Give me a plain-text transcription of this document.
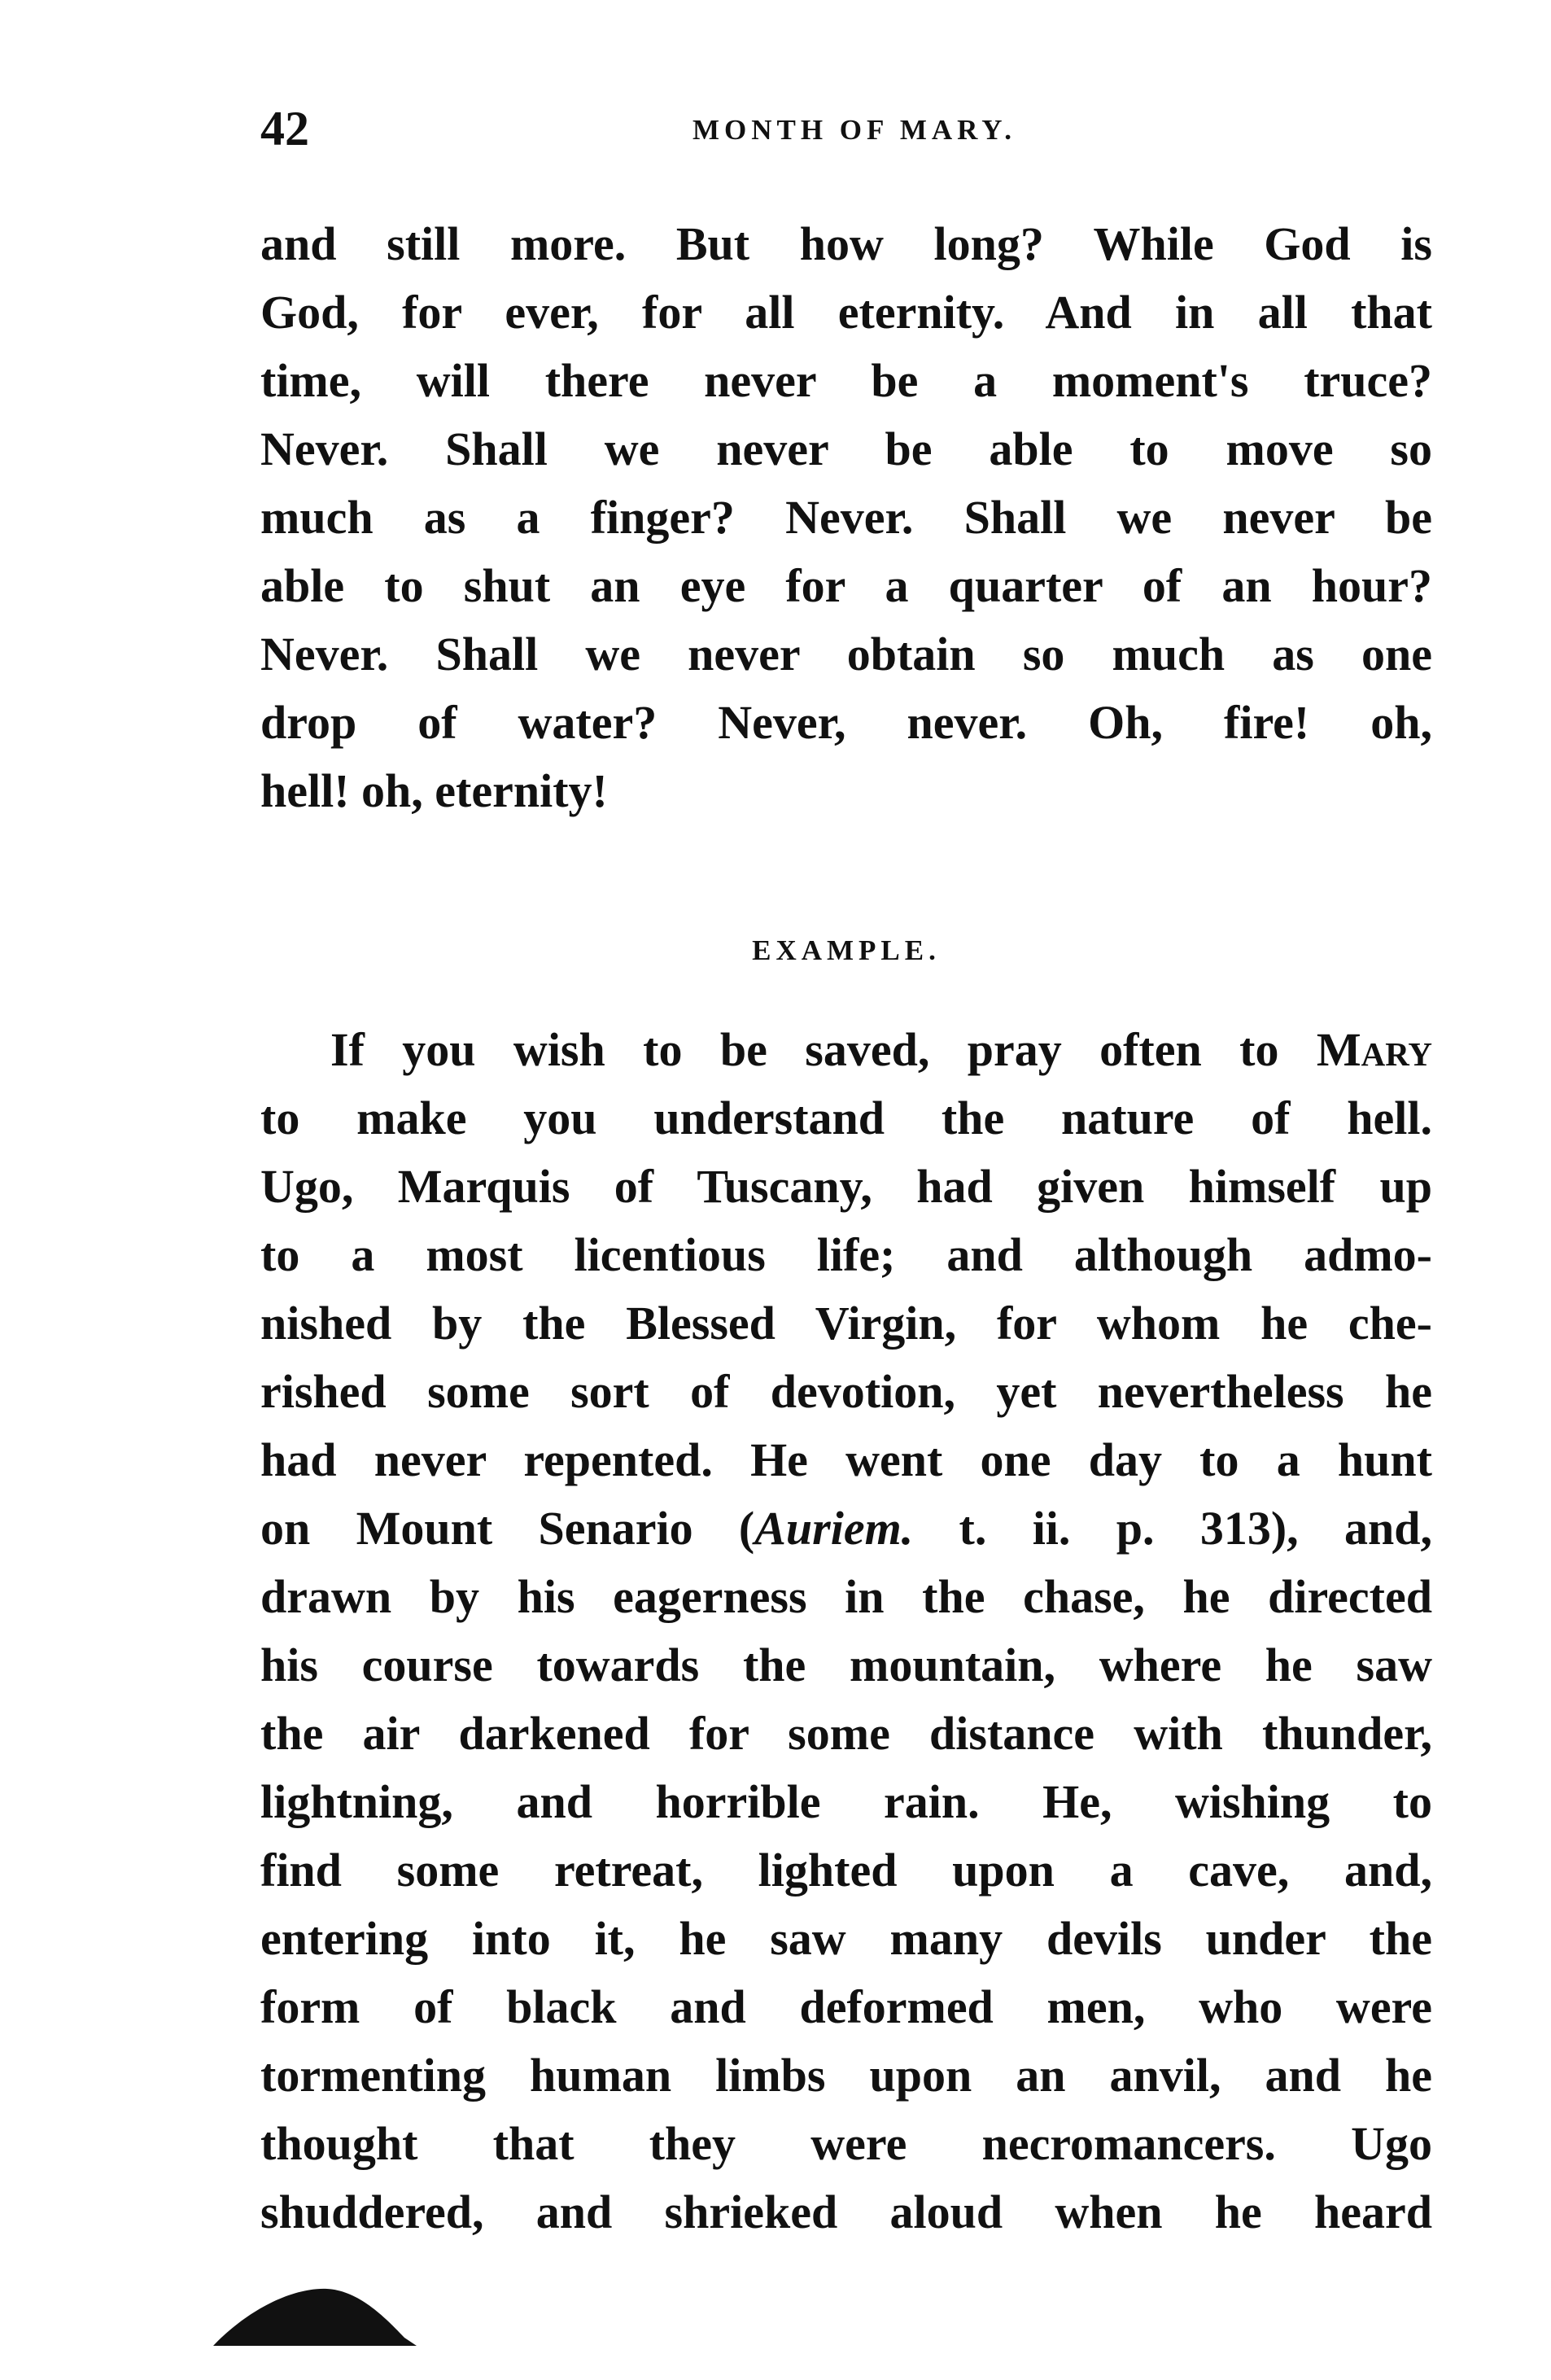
42	MONTH OF MARY.
and still more. But how long? While God is
God, for ever, for all eternity. And in all that
time, will there never be a moment's truce?
Never. Shall we never be able to move so
much as a finger? Never. Shall we never be
able to shut an eye for a quarter of an hour?
Never. Shall we never obtain so much as one
drop of water? Never, never. Oh, fire! oh,
hell! oh, eternity!
EXAMPLE.
If you wish to be saved, pray often to Mary
to make you understand the nature of hell.
Ugo, Marquis of Tuscany, had given himself up
to a most licentious life; and although admo-
nished by the Blessed Virgin, for whom he che-
rished some sort of devotion, yet nevertheless he
had never repented. He went one day to a hunt
on Mount Senario (Auriem. t. ii. p. 313), and,
drawn by his eagerness in the chase, he directed
his course towards the mountain, where he saw
the air darkened for some distance with thunder,
lightning, and horrible rain. He, wishing to
find some retreat, lighted upon a cave, and,
entering into it, he saw many devils under the
form of black and deformed men, who were
tormenting human limbs upon an anvil, and he
thought that they were necromancers. Ugo
shuddered, and shrieked aloud when he heard
